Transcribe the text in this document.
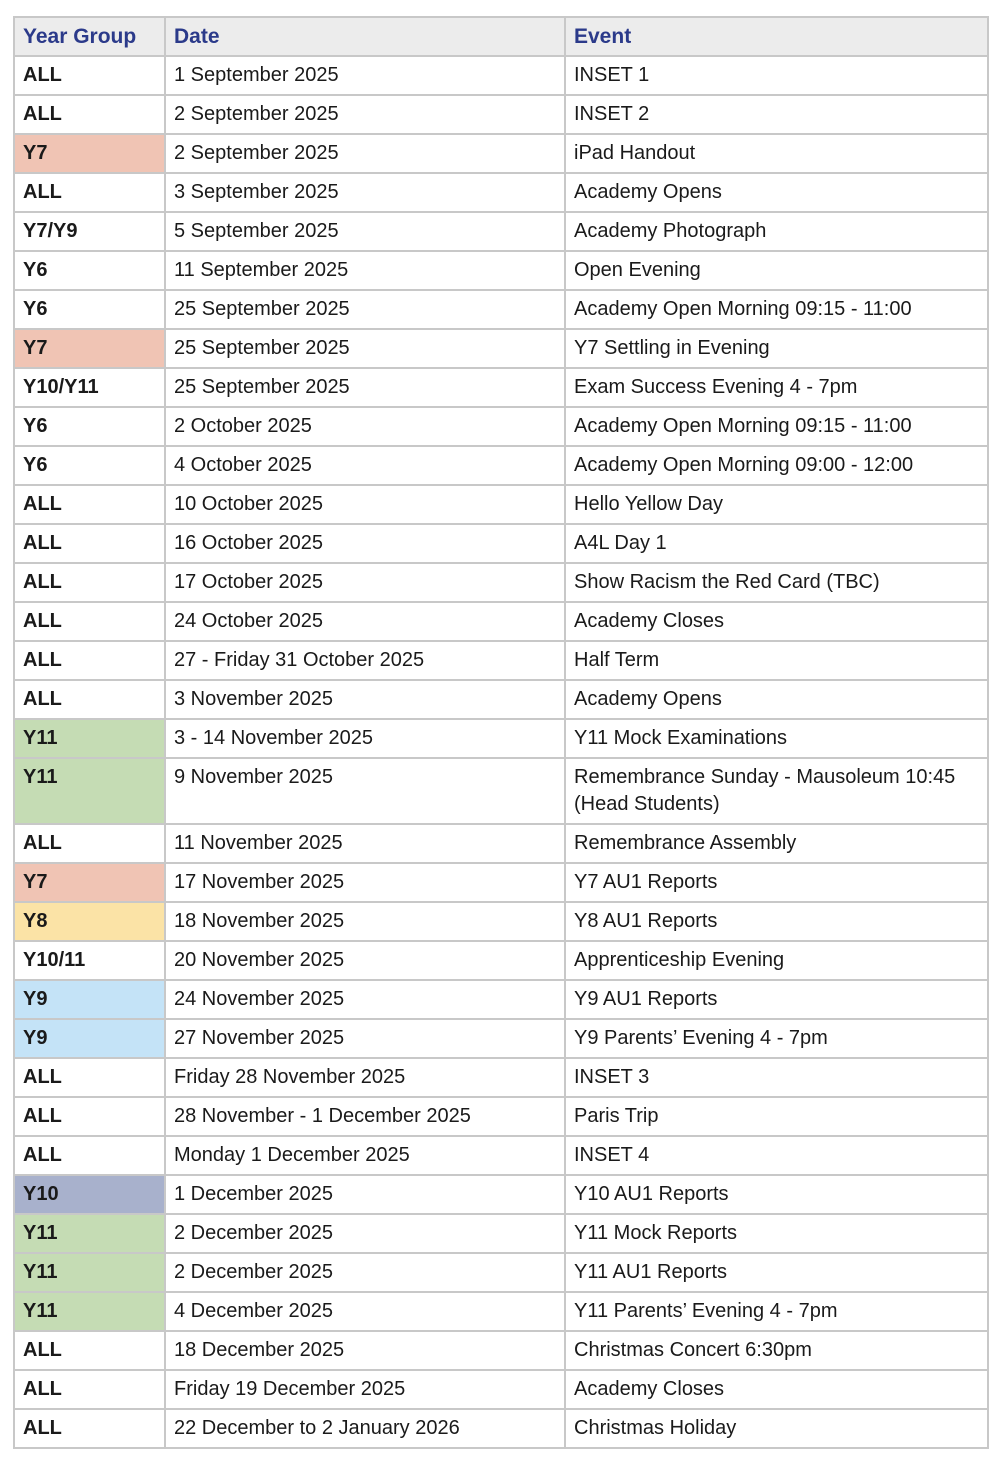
Year Group	Date	Event
ALL	1 September 2025	INSET 1
ALL	2 September 2025	INSET 2
Y7	2 September 2025	iPad Handout
ALL	3 September 2025	Academy Opens
Y7/Y9	5 September 2025	Academy Photograph
Y6	11 September 2025	Open Evening
Y6	25 September 2025	Academy Open Morning 09:15 - 11:00
Y7	25 September 2025	Y7 Settling in Evening
Y10/Y11	25 September 2025	Exam Success Evening 4 - 7pm
Y6	2 October 2025	Academy Open Morning 09:15 - 11:00
Y6	4 October 2025	Academy Open Morning 09:00 - 12:00
ALL	10 October 2025	Hello Yellow Day
ALL	16 October 2025	A4L Day 1
ALL	17 October 2025	Show Racism the Red Card (TBC)
ALL	24 October 2025	Academy Closes
ALL	27 - Friday 31 October 2025	Half Term
ALL	3 November 2025	Academy Opens
Y11	3 - 14 November 2025	Y11 Mock Examinations
Y11	9 November 2025	Remembrance Sunday - Mausoleum 10:45 (Head Students)
ALL	11 November 2025	Remembrance Assembly
Y7	17 November 2025	Y7 AU1 Reports
Y8	18 November 2025	Y8 AU1 Reports
Y10/11	20 November 2025	Apprenticeship Evening
Y9	24 November 2025	Y9 AU1 Reports
Y9	27 November 2025	Y9 Parents’ Evening 4 - 7pm
ALL	Friday 28 November 2025	INSET 3
ALL	28 November - 1 December 2025	Paris Trip
ALL	Monday 1 December 2025	INSET 4
Y10	1 December 2025	Y10 AU1 Reports
Y11	2 December 2025	Y11 Mock Reports
Y11	2 December 2025	Y11 AU1 Reports
Y11	4 December 2025	Y11 Parents’ Evening 4 - 7pm
ALL	18 December 2025	Christmas Concert 6:30pm
ALL	Friday 19 December 2025	Academy Closes
ALL	22 December to 2 January 2026	Christmas Holiday
